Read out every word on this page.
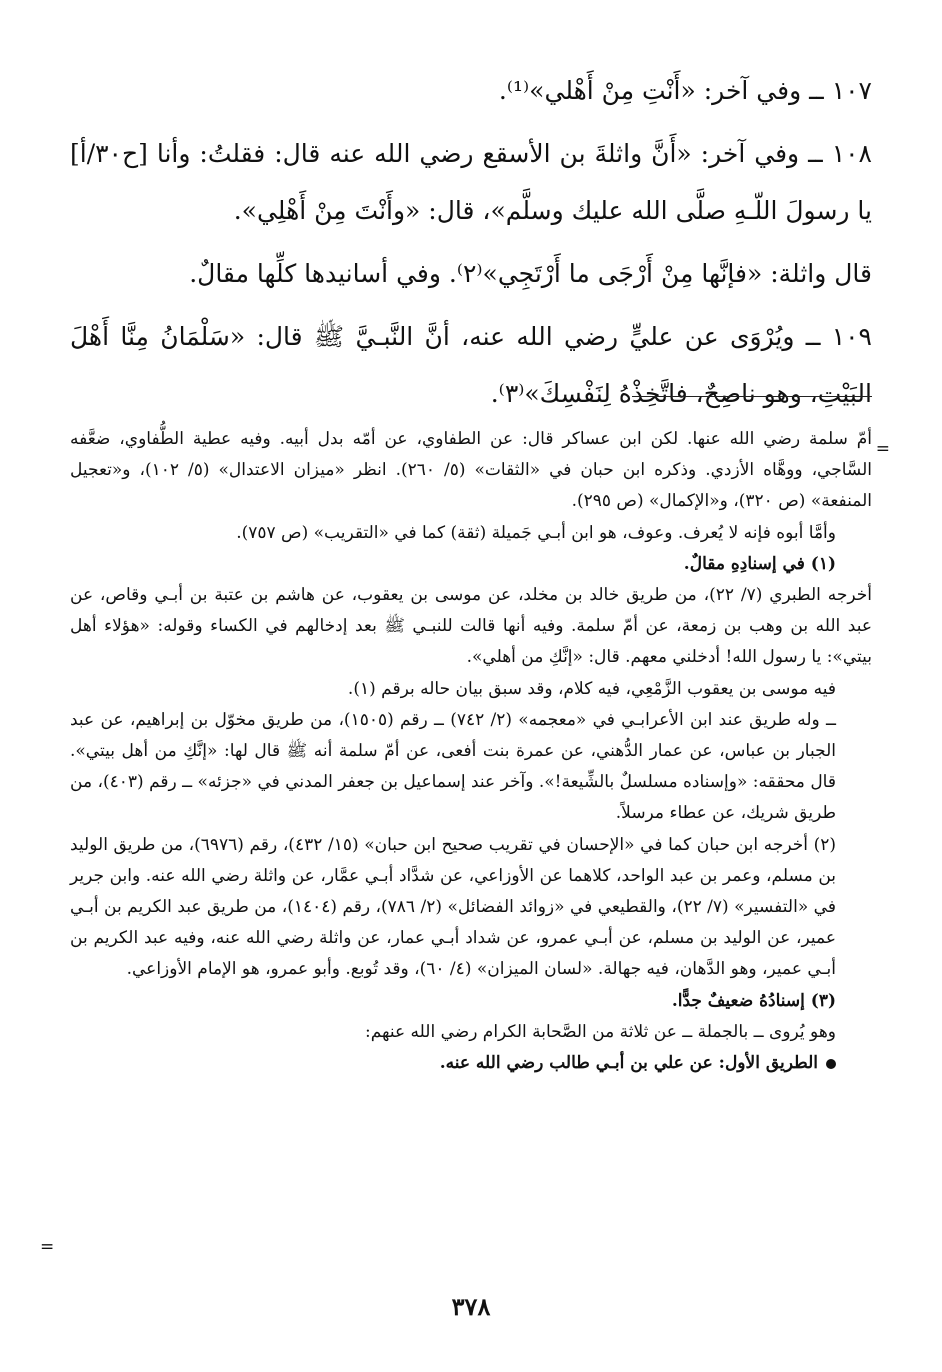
١٠٧ ــ وفي آخر: «أَنْتِ مِنْ أَهْلي»⁽¹⁾.

١٠٨ ــ وفي آخر: «أَنَّ واثلةَ بن الأسقع رضي الله عنه قال: فقلتُ: وأنا [ح٣٠/أ] يا رسولَ اللّـهِ صلَّى الله عليك وسلَّم»، قال: «وأَنْتَ مِنْ أَهْلِي».

قال واثلة: «فإنَّها مِنْ أَرْجَى ما أَرْتَجِي»⁽٢⁾. وفي أسانيدها كلِّها مقالٌ.

١٠٩ ــ ويُرْوَى عن عليٍّ رضي الله عنه، أنَّ النَّبـيَّ ﷺ قال: «سَلْمَانُ مِنَّا أَهْلَ البَيْتِ، وهو ناصِحٌ، فاتَّخِذْهُ لِنَفْسِكَ»⁽٣⁾.

=

أمّ سلمة رضي الله عنها. لكن ابن عساكر قال: عن الطفاوي، عن أمّه بدل أبيه. وفيه عطية الطُّفاوي، ضعَّفه السَّاجي، ووهَّاه الأزدي. وذكره ابن حبان في «الثقات» (٥/ ٢٦٠). انظر «ميزان الاعتدال» (٥/ ١٠٢)، و«تعجيل المنفعة» (ص ٣٢٠)، و«الإكمال» (ص ٢٩٥).

وأمَّا أبوه فإنه لا يُعرف. وعوف، هو ابن أبـي جَميلة (ثقة) كما في «التقريب» (ص ٧٥٧).

(١) في إسنادِهِ مقالٌ.

أخرجه الطبري (٧/ ٢٢)، من طريق خالد بن مخلد، عن موسى بن يعقوب، عن هاشم بن عتبة بن أبـي وقاص، عن عبد الله بن وهب بن زمعة، عن أمّ سلمة. وفيه أنها قالت للنبـي ﷺ بعد إدخالهم في الكساء وقوله: «هؤلاء أهل بيتي»: يا رسول الله! أدخلني معهم. قال: «إنَّكِ من أهلي».

فيه موسى بن يعقوب الزَّمْعِي، فيه كلام، وقد سبق بيان حاله برقم (١).

ــ وله طريق عند ابن الأعرابـي في «معجمه» (٢/ ٧٤٢) ــ رقم (١٥٠٥)، من طريق مخوّل بن إبراهيم، عن عبد الجبار بن عباس، عن عمار الدُّهني، عن عمرة بنت أفعى، عن أمّ سلمة أنه ﷺ قال لها: «إنَّكِ من أهل بيتي». قال محققه: «وإسناده مسلسلٌ بالشِّيعة!». وآخر عند إسماعيل بن جعفر المدني في «جزئه» ــ رقم (٤٠٣)، من طريق شريك، عن عطاء مرسلاً.

(٢) أخرجه ابن حبان كما في «الإحسان في تقريب صحيح ابن حبان» (١٥/ ٤٣٢)، رقم (٦٩٧٦)، من طريق الوليد بن مسلم، وعمر بن عبد الواحد، كلاهما عن الأوزاعي، عن شدَّاد أبـي عمَّار، عن واثلة رضي الله عنه. وابن جرير في «التفسير» (٧/ ٢٢)، والقطيعي في «زوائد الفضائل» (٢/ ٧٨٦)، رقم (١٤٠٤)، من طريق عبد الكريم بن أبـي عمير، عن الوليد بن مسلم، عن أبـي عمرو، عن شداد أبـي عمار، عن واثلة رضي الله عنه، وفيه عبد الكريم بن أبـي عمير، وهو الدَّهان، فيه جهالة. «لسان الميزان» (٤/ ٦٠)، وقد تُوبع. وأبو عمرو، هو الإمام الأوزاعي.

(٣) إسنادُهُ ضعيفٌ جدًّا.

وهو يُروى ــ بالجملة ــ عن ثلاثة من الصَّحابة الكرام رضي الله عنهم:

الطريق الأول: عن علي بن أبـي طالب رضي الله عنه.

=
٣٧٨
